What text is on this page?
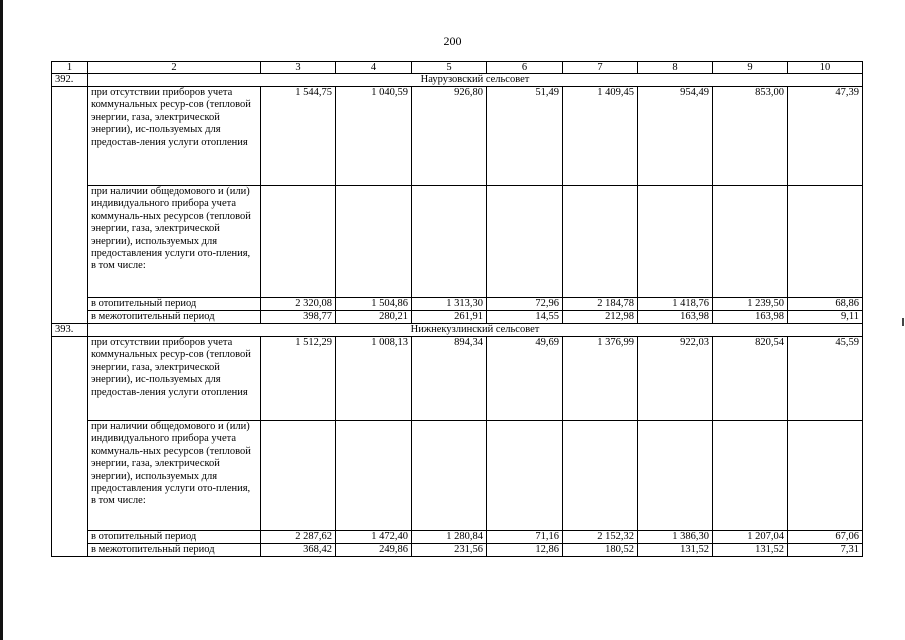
200
1	2	3	4	5	6	7	8	9	10
392.	Наурузовский сельсовет								
	при отсутствии приборов учета коммунальных ресур-сов (тепловой энергии, газа, электрической энергии), ис-пользуемых для предостав-ления услуги отопления	1 544,75	1 040,59	926,80	51,49	1 409,45	954,49	853,00	47,39
	при наличии общедомового и (или) индивидуального прибора учета коммуналь-ных ресурсов (тепловой энергии, газа, электрической энергии), используемых для предоставления услуги ото-пления, в том числе:								
	в отопительный период	2 320,08	1 504,86	1 313,30	72,96	2 184,78	1 418,76	1 239,50	68,86
	в межотопительный период	398,77	280,21	261,91	14,55	212,98	163,98	163,98	9,11
393.	Нижнекузлинский сельсовет								
	при отсутствии приборов учета коммунальных ресур-сов (тепловой энергии, газа, электрической энергии), ис-пользуемых для предостав-ления услуги отопления	1 512,29	1 008,13	894,34	49,69	1 376,99	922,03	820,54	45,59
	при наличии общедомового и (или) индивидуального прибора учета коммуналь-ных ресурсов (тепловой энергии, газа, электрической энергии), используемых для предоставления услуги ото-пления, в том числе:								
	в отопительный период	2 287,62	1 472,40	1 280,84	71,16	2 152,32	1 386,30	1 207,04	67,06
	в межотопительный период	368,42	249,86	231,56	12,86	180,52	131,52	131,52	7,31
